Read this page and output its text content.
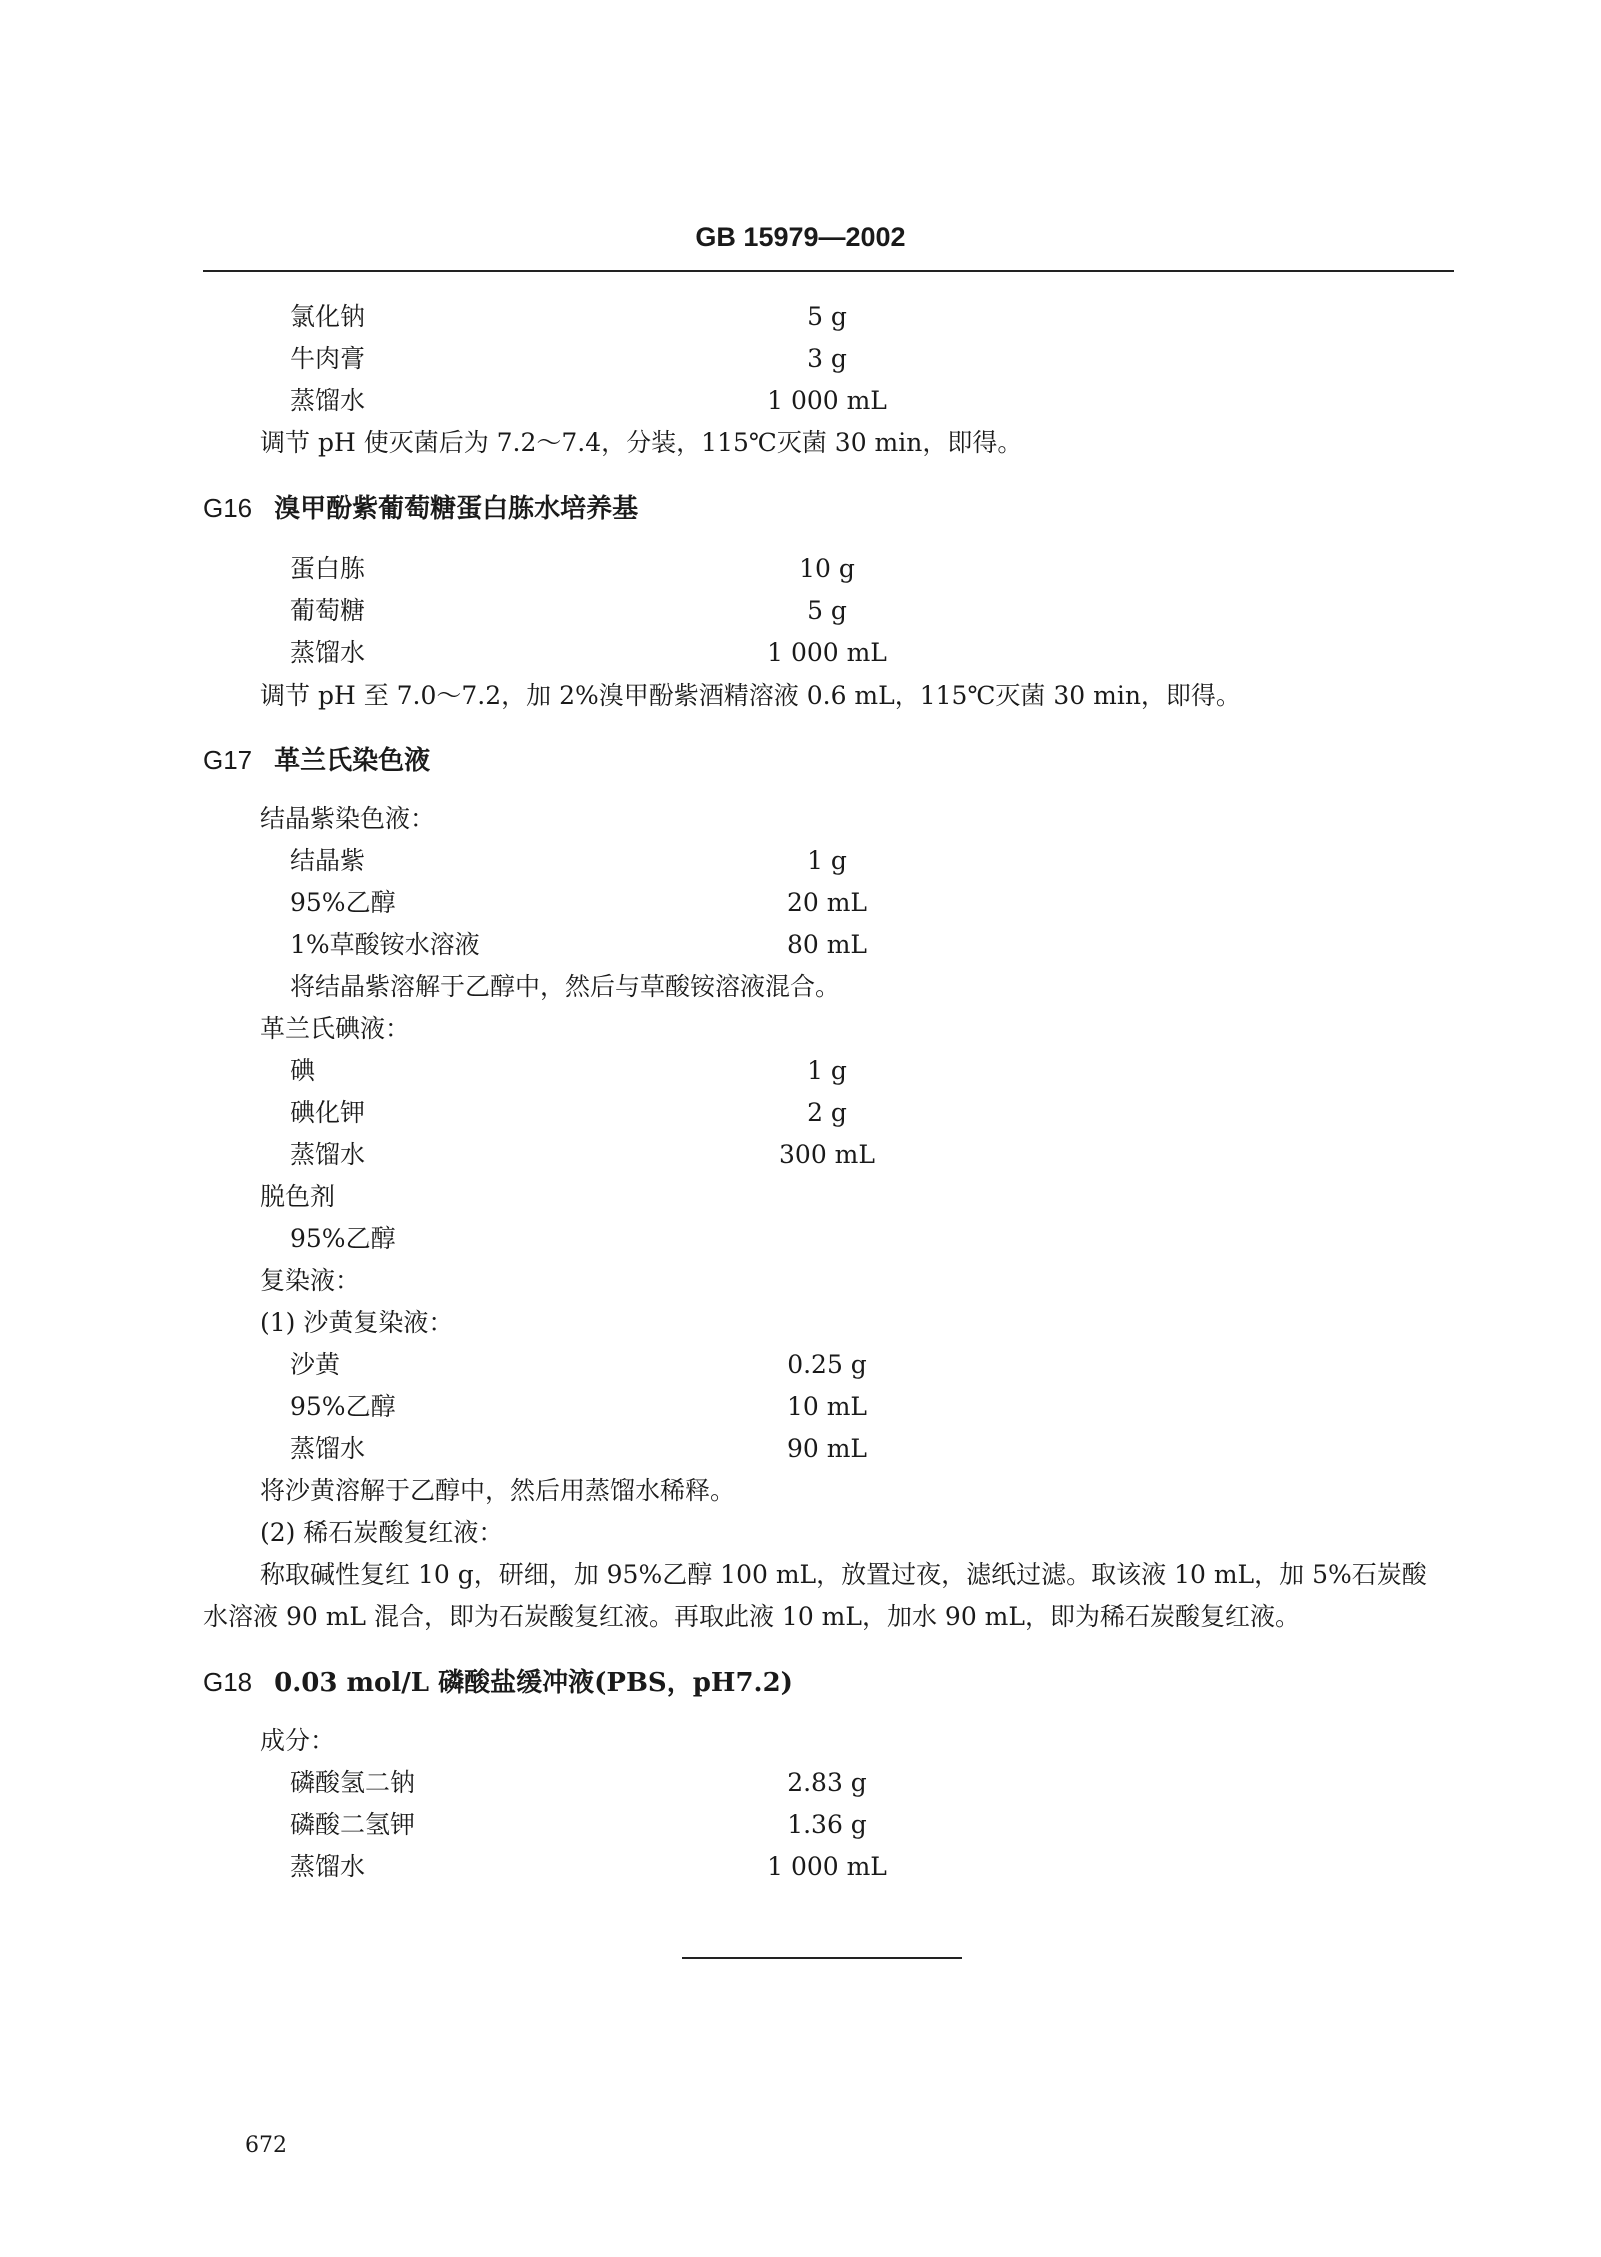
GB 15979—2002
氯化钠	5 g
牛肉膏	3 g
蒸馏水	1 000 mL
调节 pH 使灭菌后为 7.2～7.4，分装，115℃灭菌 30 min，即得。
G16 溴甲酚紫葡萄糖蛋白胨水培养基
蛋白胨	10 g
葡萄糖	5 g
蒸馏水	1 000 mL
调节 pH 至 7.0～7.2，加 2%溴甲酚紫酒精溶液 0.6 mL，115℃灭菌 30 min，即得。
G17 革兰氏染色液
结晶紫染色液：
结晶紫	1 g
95%乙醇	20 mL
1%草酸铵水溶液	80 mL
将结晶紫溶解于乙醇中，然后与草酸铵溶液混合。
革兰氏碘液：
碘	1 g
碘化钾	2 g
蒸馏水	300 mL
脱色剂
95%乙醇
复染液：
(1) 沙黄复染液：
沙黄	0.25 g
95%乙醇	10 mL
蒸馏水	90 mL
将沙黄溶解于乙醇中，然后用蒸馏水稀释。
(2) 稀石炭酸复红液：
称取碱性复红 10 g，研细，加 95%乙醇 100 mL，放置过夜，滤纸过滤。取该液 10 mL，加 5%石炭酸
水溶液 90 mL 混合，即为石炭酸复红液。再取此液 10 mL，加水 90 mL，即为稀石炭酸复红液。
G18 0.03 mol/L 磷酸盐缓冲液(PBS，pH7.2)
成分：
磷酸氢二钠	2.83 g
磷酸二氢钾	1.36 g
蒸馏水	1 000 mL
672
